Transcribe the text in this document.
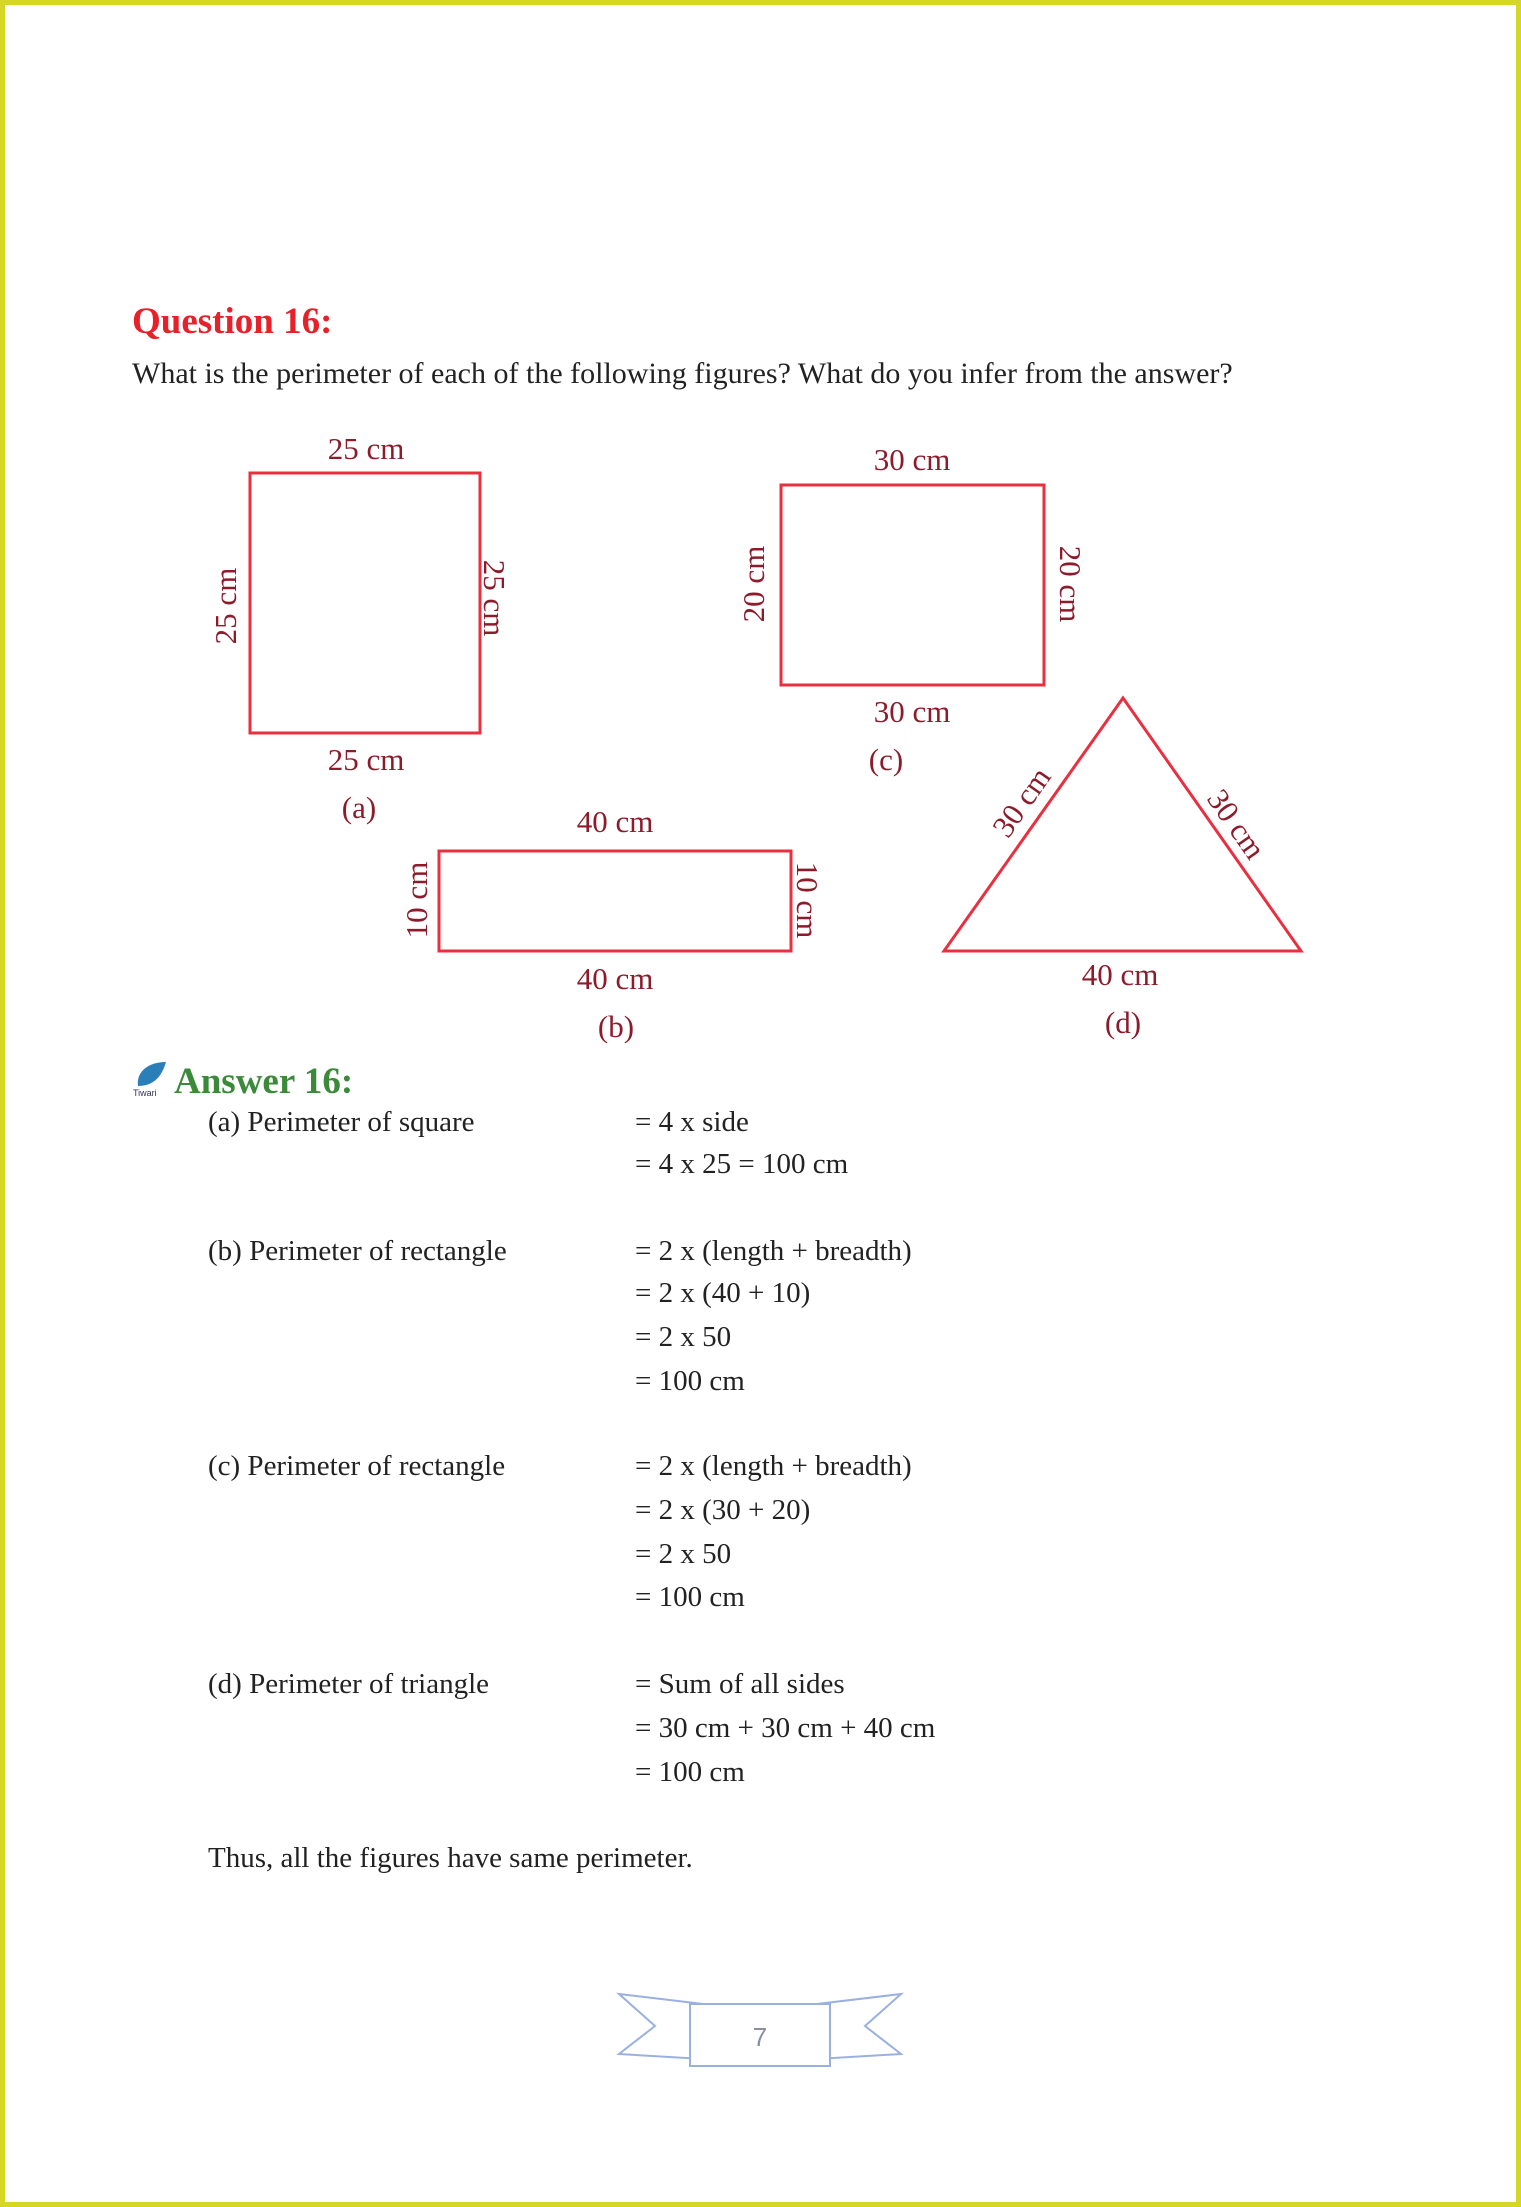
Question 16:
What is the perimeter of each of the following figures? What do you infer from the answer?
25 cm
25 cm	25 cm
25 cm
(a)
30 cm
20 cm	20 cm
30 cm
(c)
40 cm
10 cm	10 cm
40 cm
(b)
30 cm	30 cm
40 cm
(d)
Tiwari Answer 16:
(a) Perimeter of square	= 4 x side
= 4 x 25 = 100 cm
(b) Perimeter of rectangle	= 2 x (length + breadth)
= 2 x (40 + 10)
= 2 x 50
= 100 cm
(c) Perimeter of rectangle	= 2 x (length + breadth)
= 2 x (30 + 20)
= 2 x 50
= 100 cm
(d) Perimeter of triangle	= Sum of all sides
= 30 cm + 30 cm + 40 cm
= 100 cm
Thus, all the figures have same perimeter.
7
